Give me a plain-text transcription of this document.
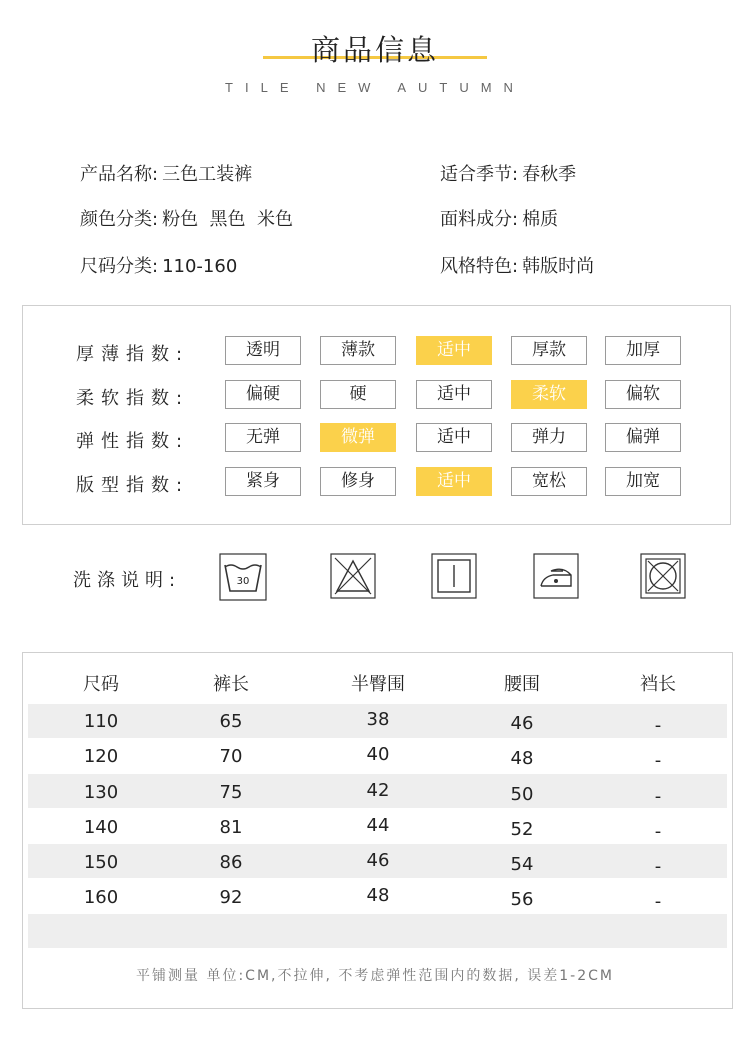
商品信息
TILE NEW AUTUMN
产品名称: 三色工装裤	适合季节: 春秋季
颜色分类: 粉色  黑色  米色	面料成分: 棉质
尺码分类: 110-160	风格特色: 韩版时尚
厚薄指数:	透明	薄款	适中	厚款	加厚
柔软指数:	偏硬	硬	适中	柔软	偏软
弹性指数:	无弹	微弹	适中	弹力	偏弹
版型指数:	紧身	修身	适中	宽松	加宽
洗涤说明:	30
尺码	裤长	半臀围	腰围	裆长
110	65	38	46	-
120	70	40	48	-
130	75	42	50	-
140	81	44	52	-
150	86	46	54	-
160	92	48	56	-
平铺测量 单位:CM,不拉伸, 不考虑弹性范围内的数据, 误差1-2CM
